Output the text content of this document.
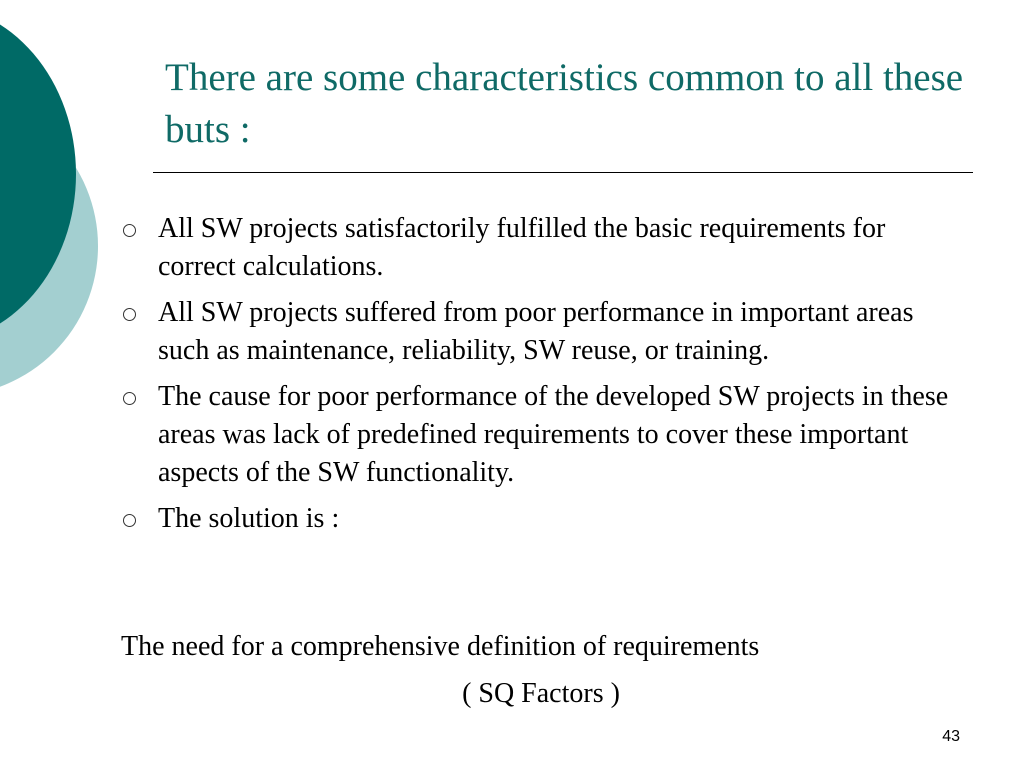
There are some characteristics common to all these buts :
All SW projects satisfactorily fulfilled the basic requirements for correct calculations.
All SW projects suffered from poor performance in important areas such as maintenance, reliability, SW reuse, or training.
The cause for poor performance of the developed SW projects in these areas was lack of predefined requirements to cover these important aspects of the SW functionality.
The solution is :
The need for a comprehensive definition of requirements
( SQ Factors )
43
